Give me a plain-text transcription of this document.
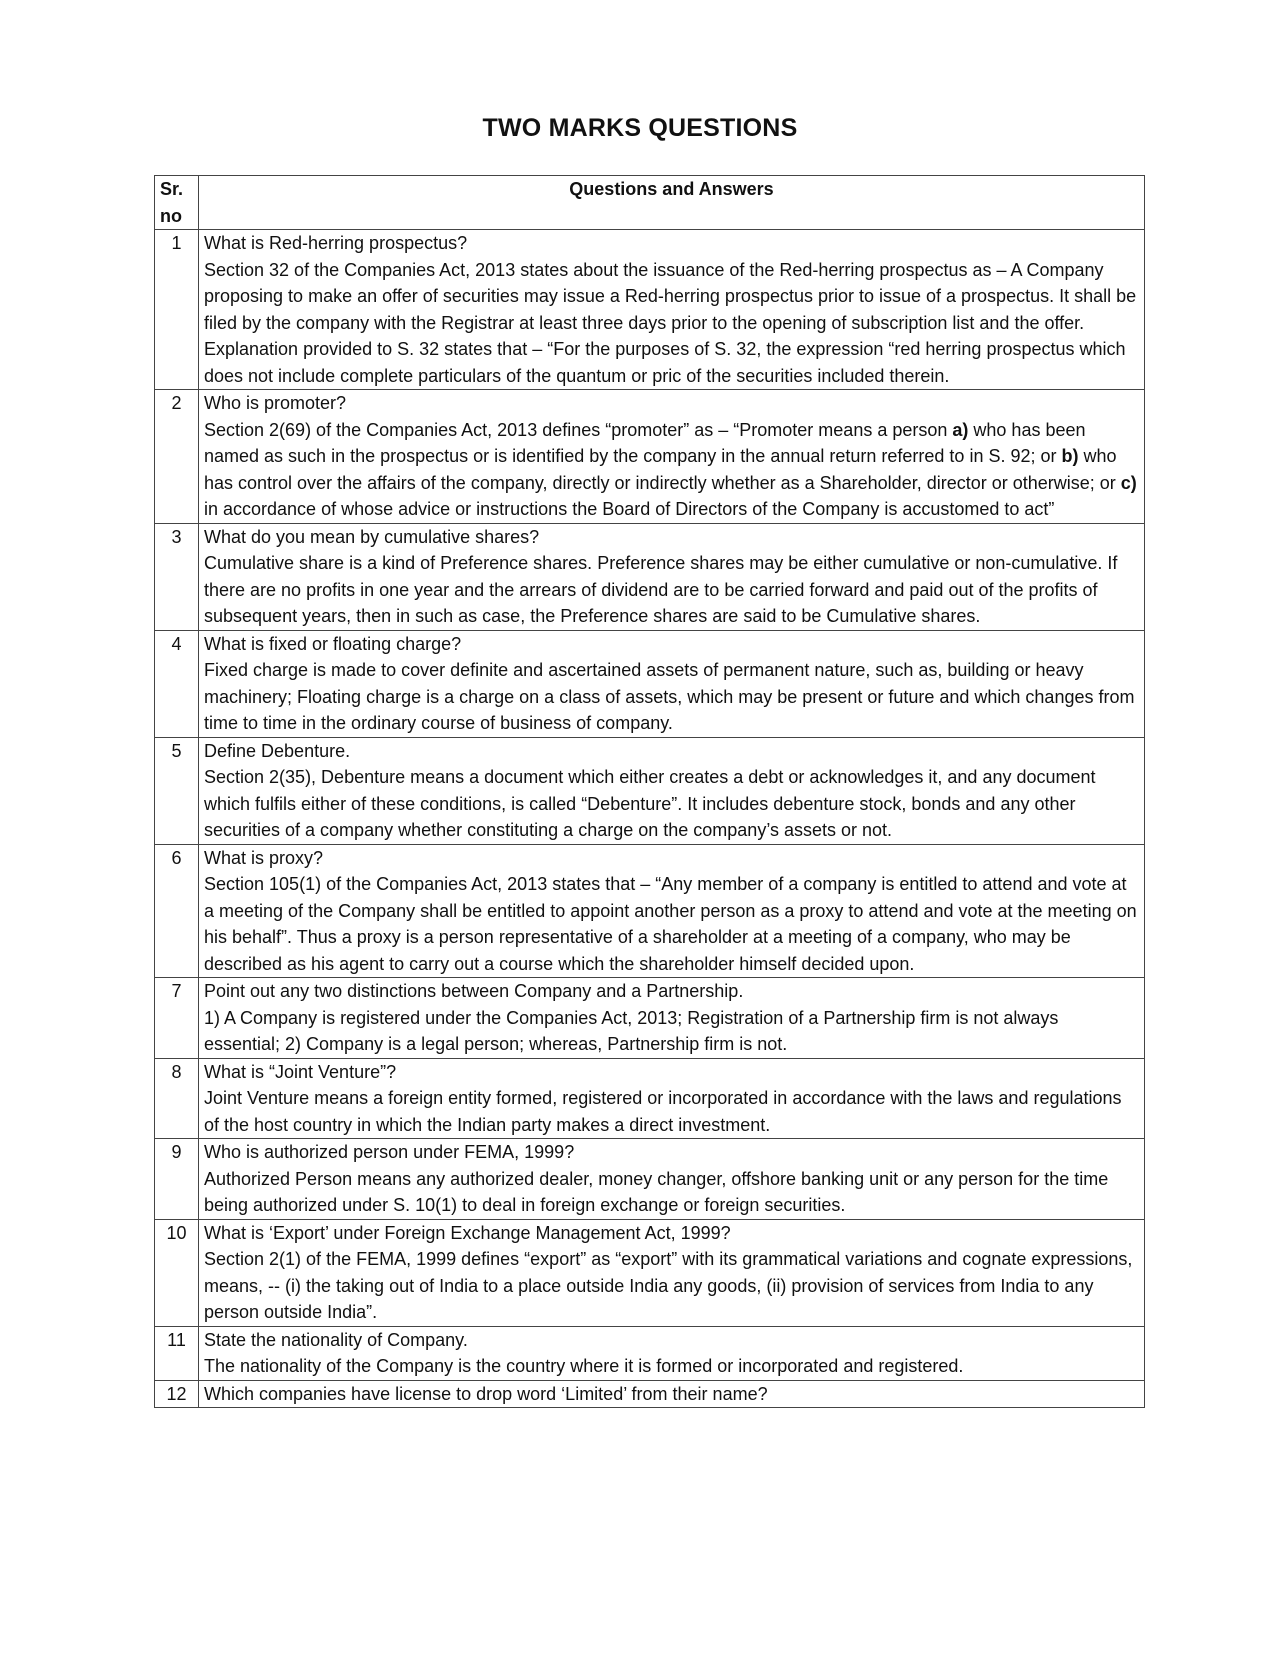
TWO MARKS QUESTIONS
Sr. no	Questions and Answers
1	What is Red-herring prospectus?
Section 32 of the Companies Act, 2013 states about the issuance of the Red-herring prospectus as – A Company proposing to make an offer of securities may issue a Red-herring prospectus prior to issue of a prospectus. It shall be filed by the company with the Registrar at least three days prior to the opening of subscription list and the offer. Explanation provided to S. 32 states that – “For the purposes of S. 32, the expression “red herring prospectus which does not include complete particulars of the quantum or pric of the securities included therein.

2	Who is promoter?
Section 2(69) of the Companies Act, 2013 defines “promoter” as – “Promoter means a person a) who has been named as such in the prospectus or is identified by the company in the annual return referred to in S. 92; or b) who has control over the affairs of the company, directly or indirectly whether as a Shareholder, director or otherwise; or c) in accordance of whose advice or instructions the Board of Directors of the Company is accustomed to act”

3	What do you mean by cumulative shares?
Cumulative share is a kind of Preference shares. Preference shares may be either cumulative or non-cumulative. If there are no profits in one year and the arrears of dividend are to be carried forward and paid out of the profits of subsequent years, then in such as case, the Preference shares are said to be Cumulative shares.

4	What is fixed or floating charge?
Fixed charge is made to cover definite and ascertained assets of permanent nature, such as, building or heavy machinery; Floating charge is a charge on a class of assets, which may be present or future and which changes from time to time in the ordinary course of business of company.

5	Define Debenture.
Section 2(35), Debenture means a document which either creates a debt or acknowledges it, and any document which fulfils either of these conditions, is called “Debenture”. It includes debenture stock, bonds and any other securities of a company whether constituting a charge on the company’s assets or not.

6	What is proxy?
Section 105(1) of the Companies Act, 2013 states that – “Any member of a company is entitled to attend and vote at a meeting of the Company shall be entitled to appoint another person as a proxy to attend and vote at the meeting on his behalf”. Thus a proxy is a person representative of a shareholder at a meeting of a company, who may be described as his agent to carry out a course which the shareholder himself decided upon.

7	Point out any two distinctions between Company and a Partnership.
1) A Company is registered under the Companies Act, 2013; Registration of a Partnership firm is not always essential; 2) Company is a legal person; whereas, Partnership firm is not.

8	What is “Joint Venture”?
Joint Venture means a foreign entity formed, registered or incorporated in accordance with the laws and regulations of the host country in which the Indian party makes a direct investment.

9	Who is authorized person under FEMA, 1999?
Authorized Person means any authorized dealer, money changer, offshore banking unit or any person for the time being authorized under S. 10(1) to deal in foreign exchange or foreign securities.

10	What is ‘Export’ under Foreign Exchange Management Act, 1999?
Section 2(1) of the FEMA, 1999 defines “export” as “export” with its grammatical variations and cognate expressions, means, -- (i) the taking out of India to a place outside India any goods, (ii) provision of services from India to any person outside India”.

11	State the nationality of Company.
The nationality of the Company is the country where it is formed or incorporated and registered.

12	Which companies have license to drop word ‘Limited’ from their name?
